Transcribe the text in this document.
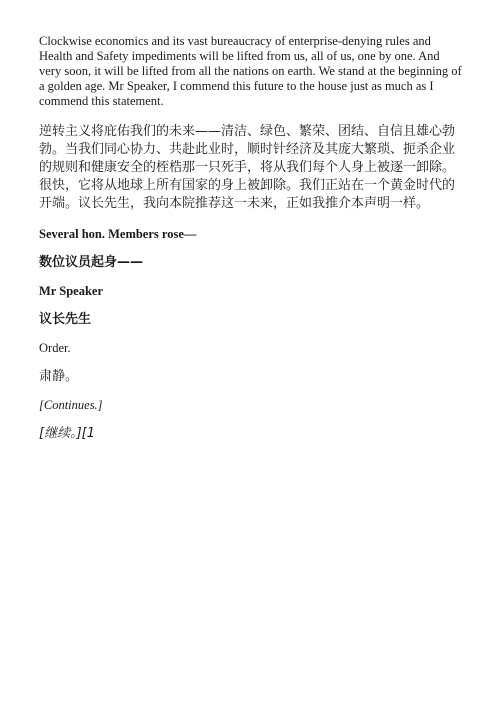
Clockwise economics and its vast bureaucracy of enterprise-denying rules and Health and Safety impediments will be lifted from us, all of us, one by one. And very soon, it will be lifted from all the nations on earth. We stand at the beginning of a golden age. Mr Speaker, I commend this future to the house just as much as I commend this statement.

逆转主义将庇佑我们的未来——清洁、绿色、繁荣、团结、自信且雄心勃勃。当我们同心协力、共赴此业时，顺时针经济及其庞大繁琐、扼杀企业的规则和健康安全的桎梏那一只死手，将从我们每个人身上被逐一卸除。很快，它将从地球上所有国家的身上被卸除。我们正站在一个黄金时代的开端。议长先生，我向本院推荐这一未来，正如我推介本声明一样。

Several hon. Members rose—

数位议员起身——

Mr Speaker

议长先生

Order.

肃静。

[Continues.]

[继续。][1
